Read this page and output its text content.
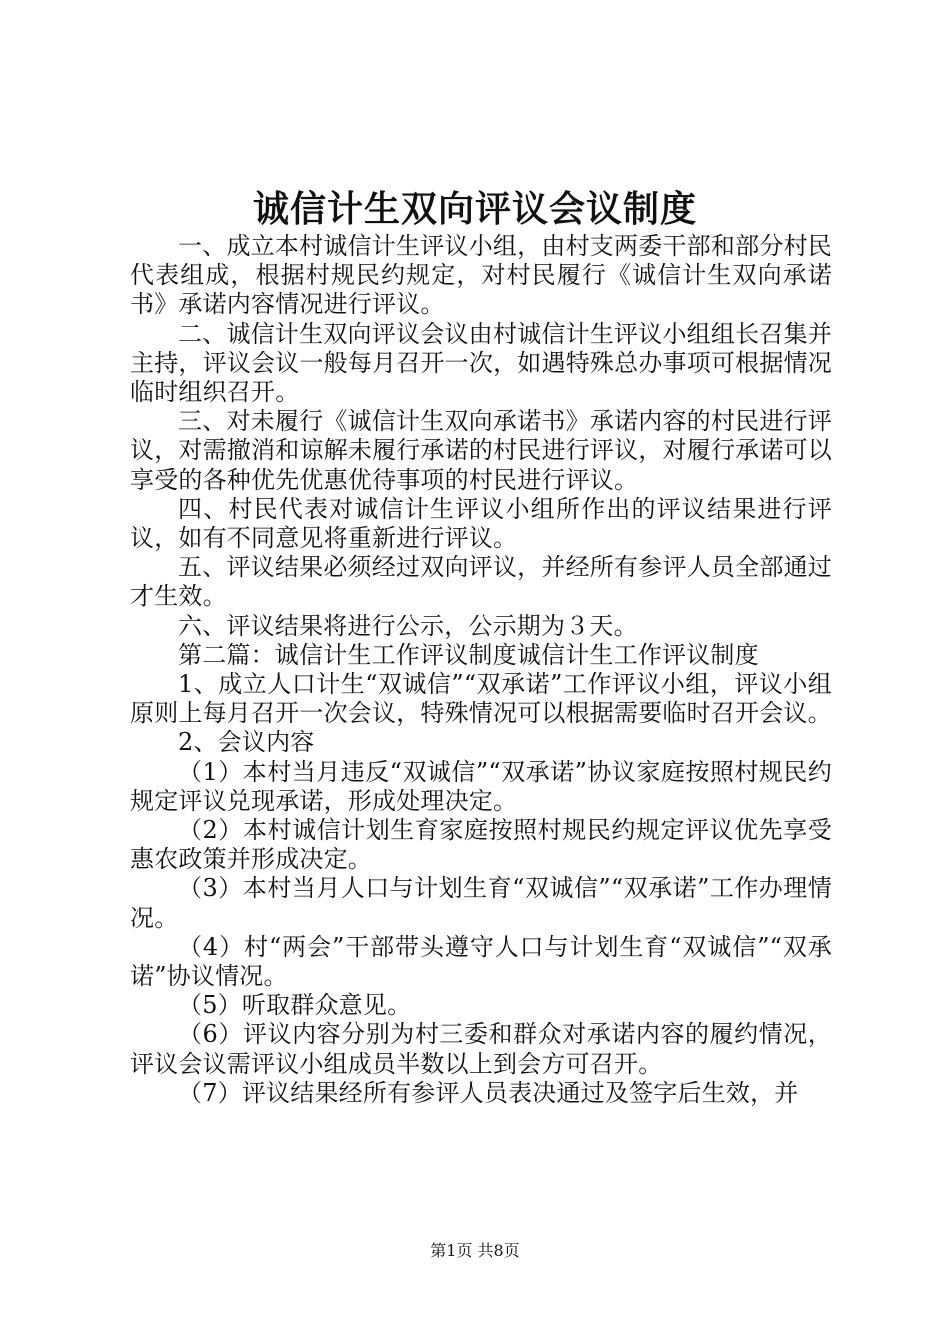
诚信计生双向评议会议制度

一、成立本村诚信计生评议小组，由村支两委干部和部分村民代表组成，根据村规民约规定，对村民履行《诚信计生双向承诺书》承诺内容情况进行评议。

二、诚信计生双向评议会议由村诚信计生评议小组组长召集并主持，评议会议一般每月召开一次，如遇特殊总办事项可根据情况临时组织召开。

三、对未履行《诚信计生双向承诺书》承诺内容的村民进行评议，对需撤消和谅解未履行承诺的村民进行评议，对履行承诺可以享受的各种优先优惠优待事项的村民进行评议。

四、村民代表对诚信计生评议小组所作出的评议结果进行评议，如有不同意见将重新进行评议。

五、评议结果必须经过双向评议，并经所有参评人员全部通过才生效。

六、评议结果将进行公示，公示期为３天。

第二篇：诚信计生工作评议制度诚信计生工作评议制度

1、成立人口计生“双诚信”“双承诺”工作评议小组，评议小组原则上每月召开一次会议，特殊情况可以根据需要临时召开会议。

2、会议内容

（1）本村当月违反“双诚信”“双承诺”协议家庭按照村规民约规定评议兑现承诺，形成处理决定。

（2）本村诚信计划生育家庭按照村规民约规定评议优先享受惠农政策并形成决定。

（3）本村当月人口与计划生育“双诚信”“双承诺”工作办理情况。

（4）村“两会”干部带头遵守人口与计划生育“双诚信”“双承诺”协议情况。

（5）听取群众意见。

（6）评议内容分别为村三委和群众对承诺内容的履约情况，评议会议需评议小组成员半数以上到会方可召开。

（7）评议结果经所有参评人员表决通过及签字后生效，并

第1页 共8页
